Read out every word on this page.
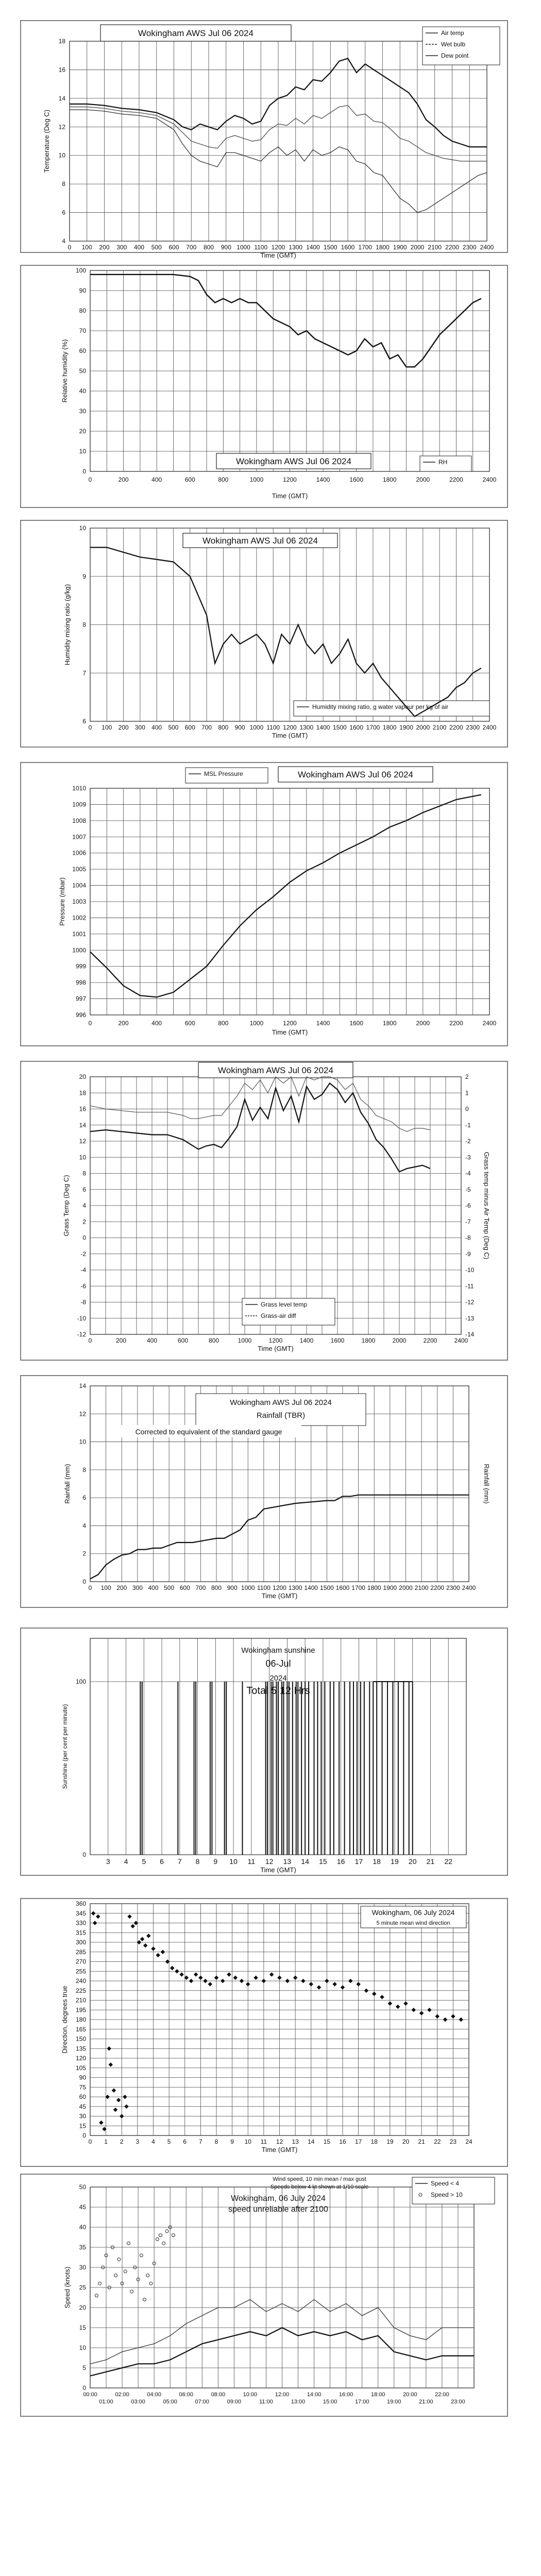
4
6
8
10
12
14
16
18
0 100 200 300 400 500 600 700 800 900 1000 1100 1200 1300 1400 1500 1600 1700 1800 1900 2000 2100 2200 2300 2400
Time (GMT)
Temperature (Deg C)
Wokingham AWS Jul 06 2024	Air temp
Wet bulb
Dew point
0
10
20
30
40
50
60
70
80
90
100
0	200	400	600	800	1000	1200	1400	1600	1800	2000	2200	2400
Time (GMT)
Relative humidity (%)
Wokingham AWS Jul 06 2024	RH
6
7
8
9
10
0 100 200 300 400 500 600 700 800 900 1000 1100 1200 1300 1400 1500 1600 1700 1800 1900 2000 2100 2200 2300 2400
Time (GMT)
Humidity mixing ratio (g/kg)
Wokingham AWS Jul 06 2024
Humidity mixing ratio, g water vapour per kg of air
996
997
998
999
1000
1001
1002
1003
1004
1005
1006
1007
1008
1009
1010
0	200	400	600	800	1000	1200	1400	1600	1800	2000	2200	2400
Time (GMT)
Pressure (mbar)
MSL Pressure	Wokingham AWS Jul 06 2024
-12
-10
-8
-6
-4
-2
0
2
4
6
8
10
12
14
16
18
20
-14
-13
-12
-11
-10
-9
-8
-7
-6
-5
-4
-3
-2
-1
0
1
2
0	200	400	600	800	1000	1200	1400	1600	1800	2000	2200	2400
Time (GMT)
Grass Temp (Deg C)	Grass temp minus Air Temp (Deg C)
Wokingham AWS Jul 06 2024
Grass level temp
Grass-air diff
0
2
4
6
8
10
12
14
0 100 200 300 400 500 600 700 800 900 1000 1100 1200 1300 1400 1500 1600 1700 1800 1900 2000 2100 2200 2300 2400
Time (GMT)
Rainfall (mm)	Rainfall (mm)
Wokingham AWS Jul 06 2024
Rainfall (TBR)
Corrected to equivalent of the standard gauge
0
100
3 4 5 6 7 8 9 10 11 12 13 14 15 16 17 18 19 20 21 22
Time (GMT)
Sunshine (per cent per minute)
Wokingham sunshine
06-Jul
2024
Total 5.12 Hrs
0
15
30
45
60
75
90
105
120
135
150
165
180
195
210
225
240
255
270
285
300
315
330
345
360
0 1 2 3 4 5 6 7 8 9 10 11 12 13 14 15 16 17 18 19 20 21 22 23 24
Time (GMT)
Direction, degrees true
Wokingham, 06 July 2024
5 minute mean wind direction
0
5
10
15
20
25
30
35
40
45
50
00:00	02:00	04:00	06:00	08:00	10:00	12:00	14:00	16:00	18:00	20:00	22:00
01:00	03:00	05:00	07:00	09:00	11:00	13:00	15:00	17:00	19:00	21:00	23:00
Speed (knots)
Wind speed, 10 min mean / max gust
Speeds below 4 kt shown at 1/10 scale
Wokingham, 06 July 2024
speed unreliable after 2100
Speed < 4
Speed > 10
